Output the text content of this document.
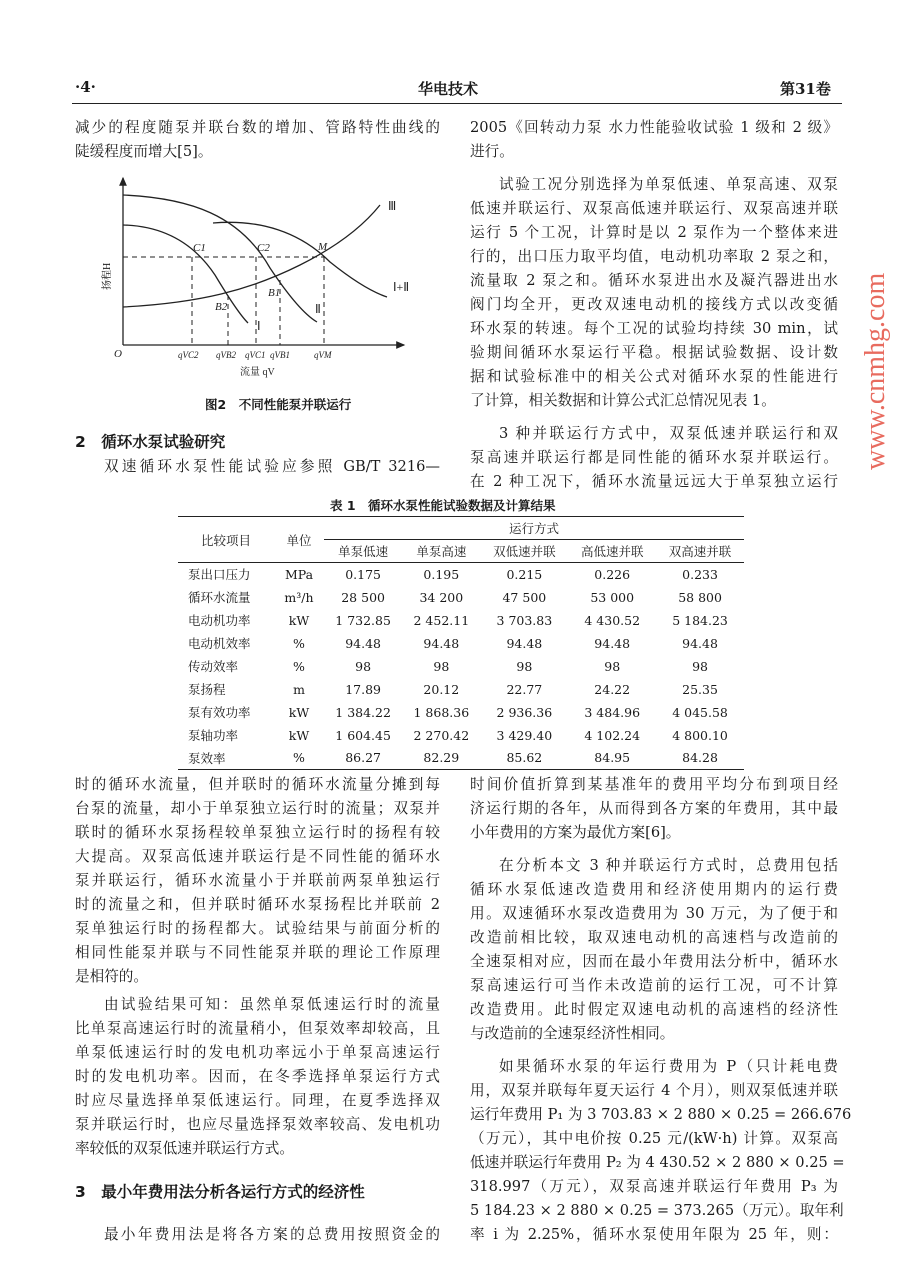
·4·	华电技术	第31卷
减少的程度随泵并联台数的增加、管路特性曲线的
陡缓程度而增大[5]。
C1	C2	M
B1
B2
O	qVC2 qVB2 qVC1 qVB1	qVM
Ⅰ
Ⅱ
Ⅲ
Ⅰ+Ⅱ
流量 qV
扬程H
图2　不同性能泵并联运行
2　循环水泵试验研究
双速循环水泵性能试验应参照 GB/T 3216—
2005《回转动力泵 水力性能验收试验 1 级和 2 级》
进行。
试验工况分别选择为单泵低速、单泵高速、双泵
低速并联运行、双泵高低速并联运行、双泵高速并联
运行 5 个工况，计算时是以 2 泵作为一个整体来进
行的，出口压力取平均值，电动机功率取 2 泵之和，
流量取 2 泵之和。循环水泵进出水及凝汽器进出水
阀门均全开，更改双速电动机的接线方式以改变循
环水泵的转速。每个工况的试验均持续 30 min，试
验期间循环水泵运行平稳。根据试验数据、设计数
据和试验标准中的相关公式对循环水泵的性能进行
了计算，相关数据和计算公式汇总情况见表 1。
3 种并联运行方式中，双泵低速并联运行和双
泵高速并联运行都是同性能的循环水泵并联运行。
在 2 种工况下，循环水流量远远大于单泵独立运行
表 1　循环水泵性能试验数据及计算结果
比较项目	单位	运行方式				
		单泵低速	单泵高速	双低速并联	高低速并联	双高速并联
泵出口压力	MPa	0.175	0.195	0.215	0.226	0.233
循环水流量	m³/h	28 500	34 200	47 500	53 000	58 800
电动机功率	kW	1 732.85	2 452.11	3 703.83	4 430.52	5 184.23
电动机效率	%	94.48	94.48	94.48	94.48	94.48
传动效率	%	98	98	98	98	98
泵扬程	m	17.89	20.12	22.77	24.22	25.35
泵有效功率	kW	1 384.22	1 868.36	2 936.36	3 484.96	4 045.58
泵轴功率	kW	1 604.45	2 270.42	3 429.40	4 102.24	4 800.10
泵效率	%	86.27	82.29	85.62	84.95	84.28
www.cnmhg.com
时的循环水流量，但并联时的循环水流量分摊到每
台泵的流量，却小于单泵独立运行时的流量；双泵并
联时的循环水泵扬程较单泵独立运行时的扬程有较
大提高。双泵高低速并联运行是不同性能的循环水
泵并联运行，循环水流量小于并联前两泵单独运行
时的流量之和，但并联时循环水泵扬程比并联前 2
泵单独运行时的扬程都大。试验结果与前面分析的
相同性能泵并联与不同性能泵并联的理论工作原理
是相符的。
由试验结果可知：虽然单泵低速运行时的流量
比单泵高速运行时的流量稍小，但泵效率却较高，且
单泵低速运行时的发电机功率远小于单泵高速运行
时的发电机功率。因而，在冬季选择单泵运行方式
时应尽量选择单泵低速运行。同理，在夏季选择双
泵并联运行时，也应尽量选择泵效率较高、发电机功
率较低的双泵低速并联运行方式。
3　最小年费用法分析各运行方式的经济性
最小年费用法是将各方案的总费用按照资金的
时间价值折算到某基准年的费用平均分布到项目经
济运行期的各年，从而得到各方案的年费用，其中最
小年费用的方案为最优方案[6]。
在分析本文 3 种并联运行方式时，总费用包括
循环水泵低速改造费用和经济使用期内的运行费
用。双速循环水泵改造费用为 30 万元，为了便于和
改造前相比较，取双速电动机的高速档与改造前的
全速泵相对应，因而在最小年费用法分析中，循环水
泵高速运行可当作未改造前的运行工况，可不计算
改造费用。此时假定双速电动机的高速档的经济性
与改造前的全速泵经济性相同。
如果循环水泵的年运行费用为 P（只计耗电费
用，双泵并联每年夏天运行 4 个月），则双泵低速并联
运行年费用 P₁ 为 3 703.83 × 2 880 × 0.25 = 266.676
（万元），其中电价按 0.25 元/(kW·h) 计算。双泵高
低速并联运行年费用 P₂ 为 4 430.52 × 2 880 × 0.25 =
318.997（万元），双泵高速并联运行年费用 P₃ 为
5 184.23 × 2 880 × 0.25 = 373.265（万元）。取年利
率 i 为 2.25%，循环水泵使用年限为 25 年，则：
